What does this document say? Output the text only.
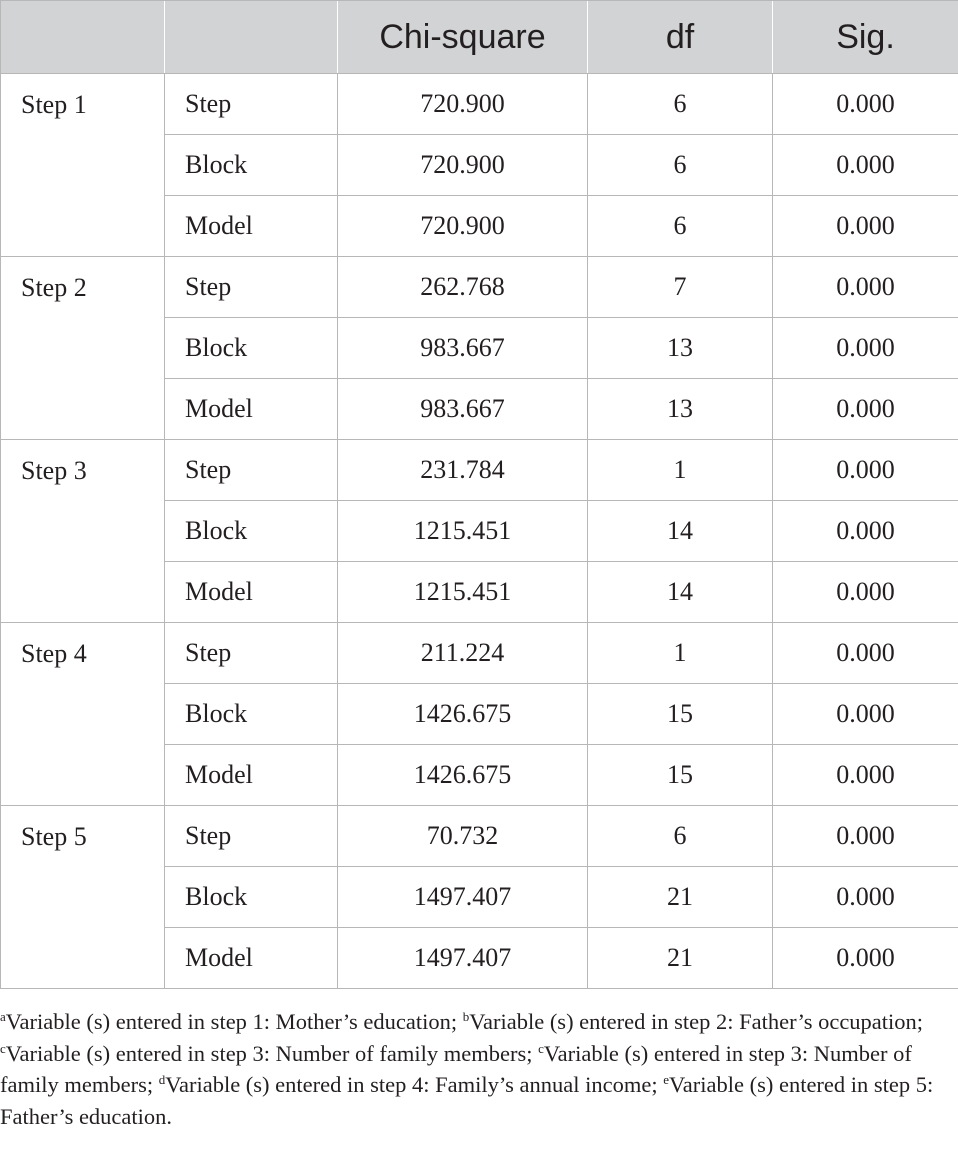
		Chi-square	df	Sig.
Step 1	Step	720.900	6	0.000
	Block	720.900	6	0.000
	Model	720.900	6	0.000
Step 2	Step	262.768	7	0.000
	Block	983.667	13	0.000
	Model	983.667	13	0.000
Step 3	Step	231.784	1	0.000
	Block	1215.451	14	0.000
	Model	1215.451	14	0.000
Step 4	Step	211.224	1	0.000
	Block	1426.675	15	0.000
	Model	1426.675	15	0.000
Step 5	Step	70.732	6	0.000
	Block	1497.407	21	0.000
	Model	1497.407	21	0.000
$^a$Variable (s) entered in step 1: Mother’s education; $^b$Variable (s) entered in step 2: Father’s occupation; $^c$Variable (s) entered in step 3: Number of family members; $^c$Variable (s) entered in step 3: Number of family members; $^d$Variable (s) entered in step 4: Family’s annual income; $^e$Variable (s) entered in step 5: Father’s education.
